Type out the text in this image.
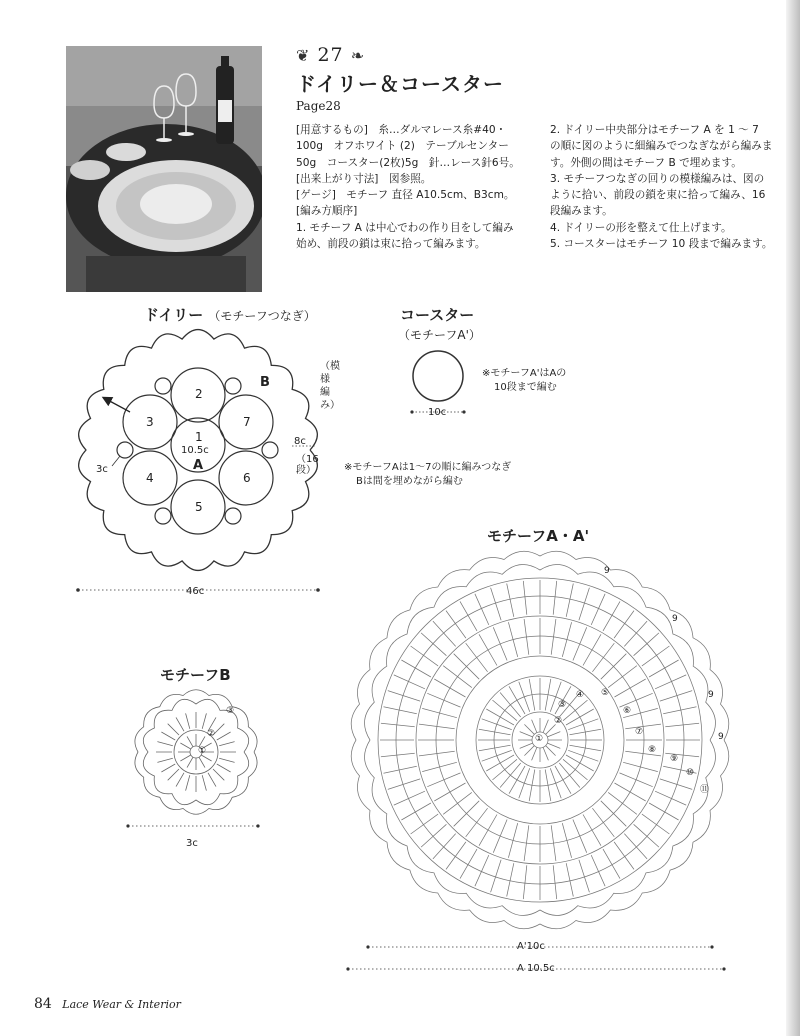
❦ 27 ❧
ドイリー＆コースター
Page28

[用意するもの]　糸…ダルマレース糸#40・

100g　オフホワイト (2)　テーブルセンター

50g　コースター(2枚)5g　針…レース針6号。

[出来上がり寸法]　図参照。

[ゲージ]　モチーフ 直径 A10.5cm、B3cm。

[編み方順序]

1. モチーフ A は中心でわの作り目をして編み

始め、前段の鎖は束に拾って編みます。

2. ドイリー中央部分はモチーフ A を 1 ～ 7

の順に図のように細編みでつなぎながら編みま

す。外側の間はモチーフ B で埋めます。

3. モチーフつなぎの回りの模様編みは、図の

ように拾い、前段の鎖を束に拾って編み、16

段編みます。

4. ドイリーの形を整えて仕上げます。

5. コースターはモチーフ 10 段まで編みます。

ドイリー （モチーフつなぎ）
2
1
3	7
4	6
5
10.5c
A
B
3c
（模様編み）
8c
（16段）	※モチーフAは1～7の順に編みつなぎ
Bは間を埋めながら編む
46c
コースター
（モチーフA'）
※モチーフA'はAの
10段まで編む
10c
モチーフB
3c
①
②
③
モチーフA・A'
①
②
③
④ ⑤
⑥
⑦
⑧
⑨
⑩
⑪
9
9
9
9
A'10c
A 10.5c
84 Lace Wear & Interior
